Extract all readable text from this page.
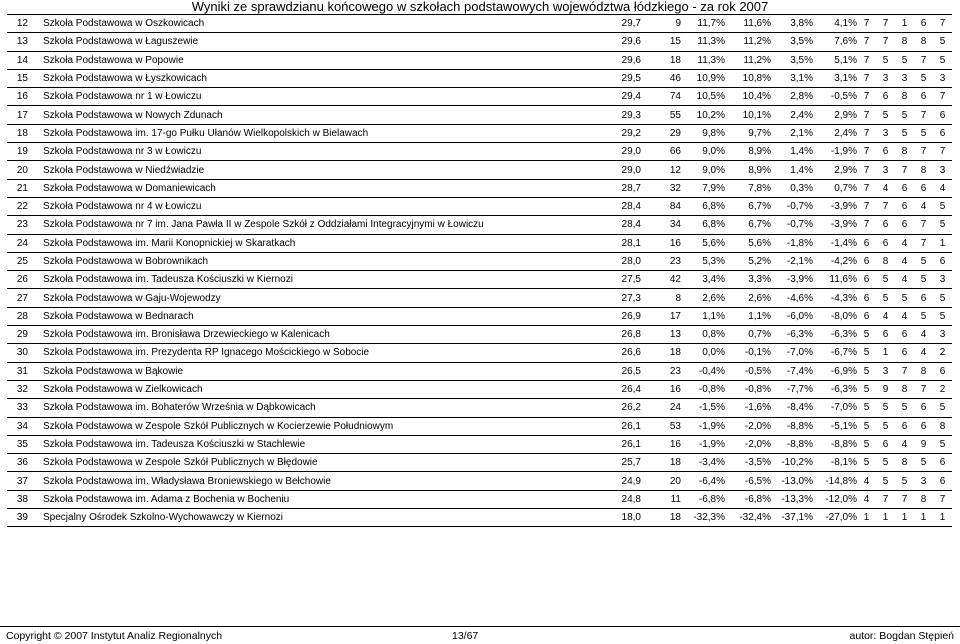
Wyniki ze sprawdzianu końcowego w szkołach podstawowych województwa łódzkiego - za rok 2007
12	Szkoła Podstawowa w Oszkowicach	29,7	9	11,7%	11,6%	3,8%	4,1%	7	7	1	6	7
13	Szkoła Podstawowa w Łaguszewie	29,6	15	11,3%	11,2%	3,5%	7,6%	7	7	8	8	5
14	Szkoła Podstawowa w Popowie	29,6	18	11,3%	11,2%	3,5%	5,1%	7	5	5	7	5
15	Szkoła Podstawowa w Łyszkowicach	29,5	46	10,9%	10,8%	3,1%	3,1%	7	3	3	5	3
16	Szkoła Podstawowa nr 1 w Łowiczu	29,4	74	10,5%	10,4%	2,8%	-0,5%	7	6	8	6	7
17	Szkoła Podstawowa w Nowych Zdunach	29,3	55	10,2%	10,1%	2,4%	2,9%	7	5	5	7	6
18	Szkoła Podstawowa im. 17-go Pułku Ułanów Wielkopolskich w Bielawach	29,2	29	9,8%	9,7%	2,1%	2,4%	7	3	5	5	6
19	Szkoła Podstawowa nr 3 w Łowiczu	29,0	66	9,0%	8,9%	1,4%	-1,9%	7	6	8	7	7
20	Szkoła Podstawowa w Niedźwiadzie	29,0	12	9,0%	8,9%	1,4%	2,9%	7	3	7	8	3
21	Szkoła Podstawowa w Domaniewicach	28,7	32	7,9%	7,8%	0,3%	0,7%	7	4	6	6	4
22	Szkoła Podstawowa nr 4 w Łowiczu	28,4	84	6,8%	6,7%	-0,7%	-3,9%	7	7	6	4	5
23	Szkoła Podstawowa nr 7 im. Jana Pawła II w Zespole Szkół z Oddziałami Integracyjnymi w Łowiczu	28,4	34	6,8%	6,7%	-0,7%	-3,9%	7	6	6	7	5
24	Szkoła Podstawowa im. Marii Konopnickiej w Skaratkach	28,1	16	5,6%	5,6%	-1,8%	-1,4%	6	6	4	7	1
25	Szkoła Podstawowa w Bobrownikach	28,0	23	5,3%	5,2%	-2,1%	-4,2%	6	8	4	5	6
26	Szkoła Podstawowa im. Tadeusza Kościuszki w Kiernozi	27,5	42	3,4%	3,3%	-3,9%	11,6%	6	5	4	5	3
27	Szkoła Podstawowa w Gaju-Wojewodzy	27,3	8	2,6%	2,6%	-4,6%	-4,3%	6	5	5	6	5
28	Szkoła Podstawowa w Bednarach	26,9	17	1,1%	1,1%	-6,0%	-8,0%	6	4	4	5	5
29	Szkoła Podstawowa im. Bronisława Drzewieckiego w Kalenicach	26,8	13	0,8%	0,7%	-6,3%	-6,3%	5	6	6	4	3
30	Szkoła Podstawowa im. Prezydenta RP Ignacego Mościckiego w Sobocie	26,6	18	0,0%	-0,1%	-7,0%	-6,7%	5	1	6	4	2
31	Szkoła Podstawowa w Bąkowie	26,5	23	-0,4%	-0,5%	-7,4%	-6,9%	5	3	7	8	6
32	Szkoła Podstawowa w Zielkowicach	26,4	16	-0,8%	-0,8%	-7,7%	-6,3%	5	9	8	7	2
33	Szkoła Podstawowa im. Bohaterów Września w Dąbkowicach	26,2	24	-1,5%	-1,6%	-8,4%	-7,0%	5	5	5	6	5
34	Szkoła Podstawowa w Zespole Szkół Publicznych w Kocierzewie Południowym	26,1	53	-1,9%	-2,0%	-8,8%	-5,1%	5	5	6	6	8
35	Szkoła Podstawowa im. Tadeusza Kościuszki w Stachlewie	26,1	16	-1,9%	-2,0%	-8,8%	-8,8%	5	6	4	9	5
36	Szkoła Podstawowa w Zespole Szkół Publicznych w Błędowie	25,7	18	-3,4%	-3,5%	-10,2%	-8,1%	5	5	8	5	6
37	Szkoła Podstawowa im. Władysława Broniewskiego w Bełchowie	24,9	20	-6,4%	-6,5%	-13,0%	-14,8%	4	5	5	3	6
38	Szkoła Podstawowa im. Adama z Bochenia w Bocheniu	24,8	11	-6,8%	-6,8%	-13,3%	-12,0%	4	7	7	8	7
39	Specjalny Ośrodek Szkolno-Wychowawczy w Kiernozi	18,0	18	-32,3%	-32,4%	-37,1%	-27,0%	1	1	1	1	1
Copyright © 2007 Instytut Analiz Regionalnych	13/67	autor: Bogdan Stępień
